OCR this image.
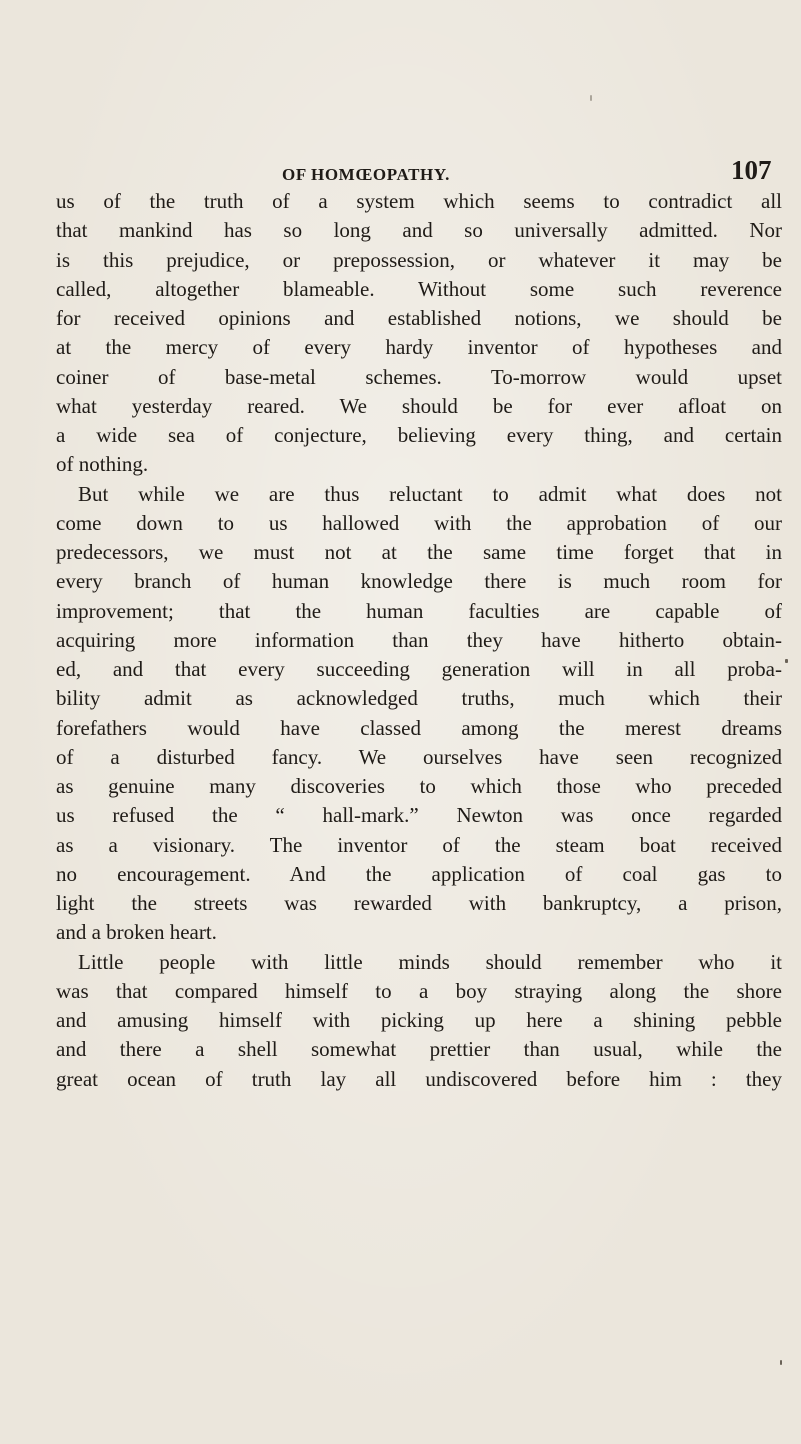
OF HOMŒOPATHY.	107
us of the truth of a system which seems to contradict all
that mankind has so long and so universally admitted. Nor
is this prejudice, or prepossession, or whatever it may be
called, altogether blameable. Without some such reverence
for received opinions and established notions, we should be
at the mercy of every hardy inventor of hypotheses and
coiner of base-metal schemes. To-morrow would upset
what yesterday reared. We should be for ever afloat on
a wide sea of conjecture, believing every thing, and certain
of nothing.
But while we are thus reluctant to admit what does not
come down to us hallowed with the approbation of our
predecessors, we must not at the same time forget that in
every branch of human knowledge there is much room for
improvement; that the human faculties are capable of
acquiring more information than they have hitherto obtain-
ed, and that every succeeding generation will in all proba-
bility admit as acknowledged truths, much which their
forefathers would have classed among the merest dreams
of a disturbed fancy. We ourselves have seen recognized
as genuine many discoveries to which those who preceded
us refused the “ hall-mark.” Newton was once regarded
as a visionary. The inventor of the steam boat received
no encouragement. And the application of coal gas to
light the streets was rewarded with bankruptcy, a prison,
and a broken heart.
Little people with little minds should remember who it
was that compared himself to a boy straying along the shore
and amusing himself with picking up here a shining pebble
and there a shell somewhat prettier than usual, while the
great ocean of truth lay all undiscovered before him : they
